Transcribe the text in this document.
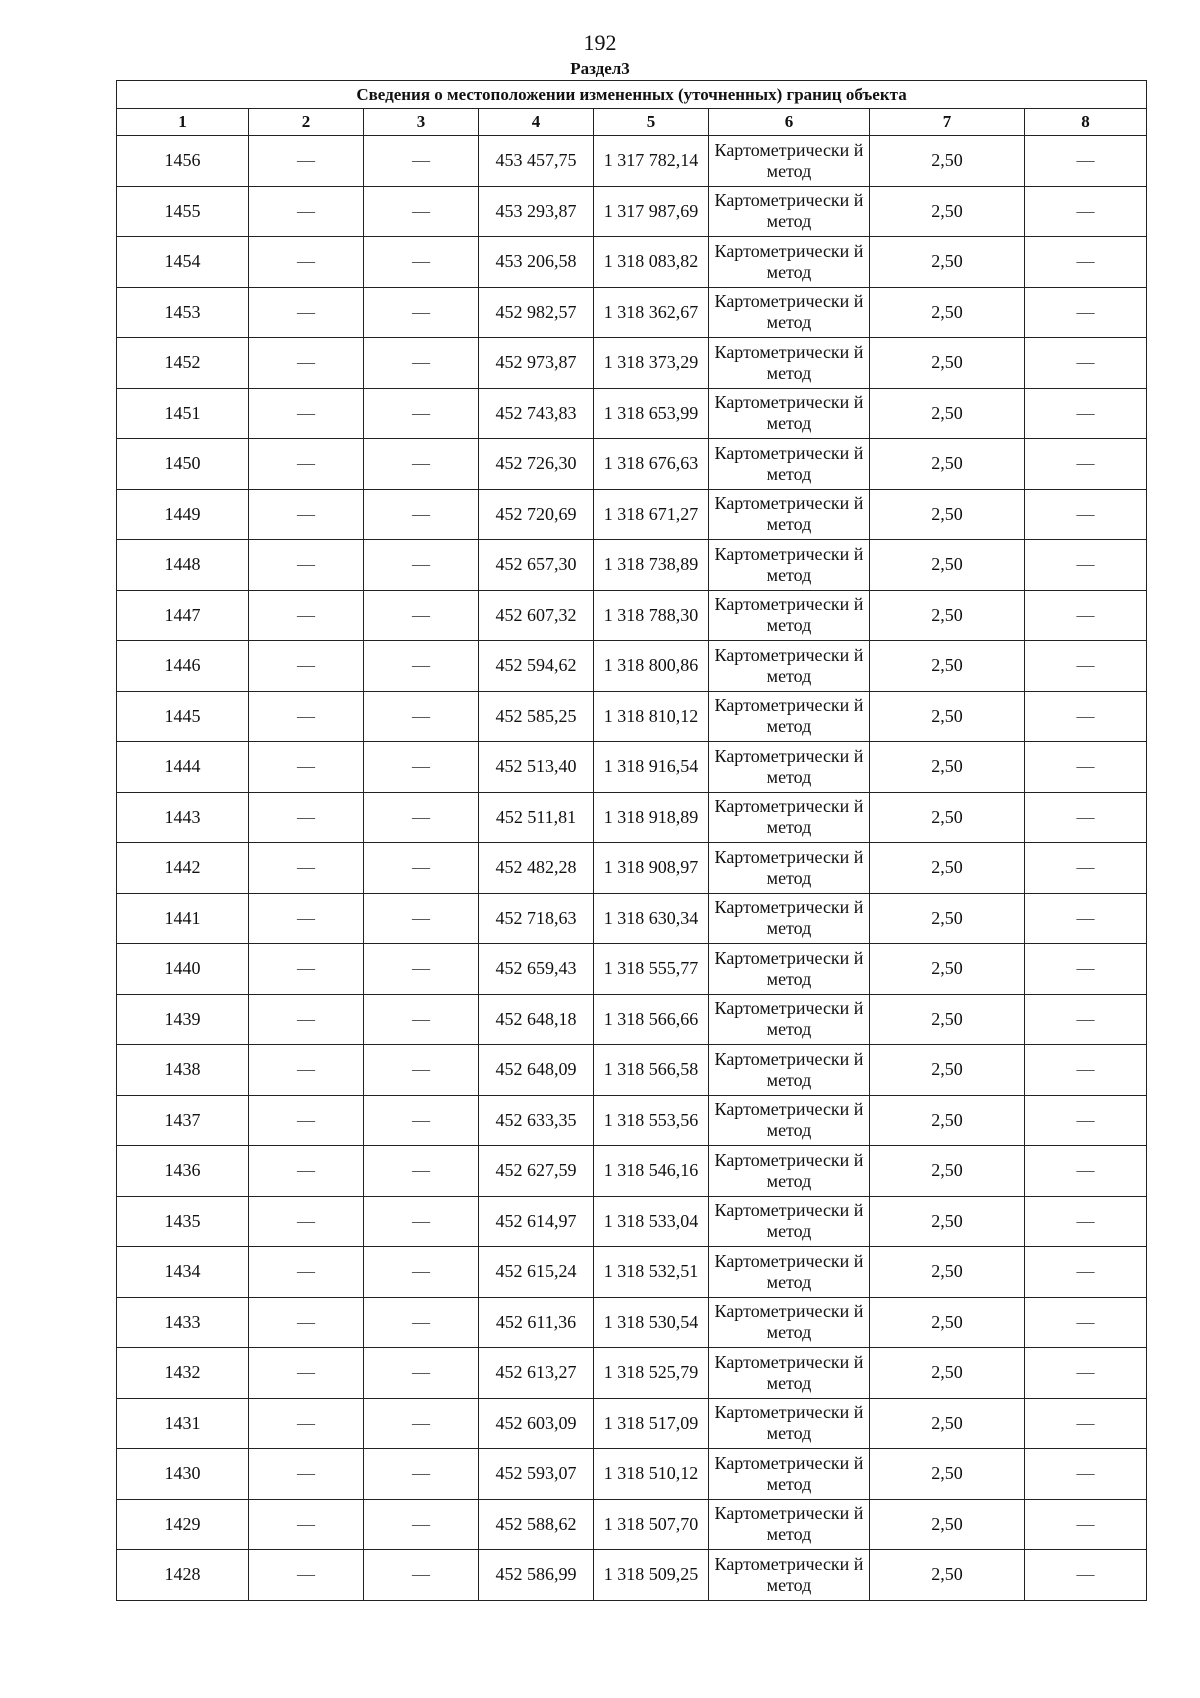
192
Раздел3
Сведения о местоположении измененных (уточненных) границ объекта							
1	2	3	4	5	6	7	8
1456	—	—	453 457,75	1 317 782,14	Картометрически й метод	2,50	—
1455	—	—	453 293,87	1 317 987,69	Картометрически й метод	2,50	—
1454	—	—	453 206,58	1 318 083,82	Картометрически й метод	2,50	—
1453	—	—	452 982,57	1 318 362,67	Картометрически й метод	2,50	—
1452	—	—	452 973,87	1 318 373,29	Картометрически й метод	2,50	—
1451	—	—	452 743,83	1 318 653,99	Картометрически й метод	2,50	—
1450	—	—	452 726,30	1 318 676,63	Картометрически й метод	2,50	—
1449	—	—	452 720,69	1 318 671,27	Картометрически й метод	2,50	—
1448	—	—	452 657,30	1 318 738,89	Картометрически й метод	2,50	—
1447	—	—	452 607,32	1 318 788,30	Картометрически й метод	2,50	—
1446	—	—	452 594,62	1 318 800,86	Картометрически й метод	2,50	—
1445	—	—	452 585,25	1 318 810,12	Картометрически й метод	2,50	—
1444	—	—	452 513,40	1 318 916,54	Картометрически й метод	2,50	—
1443	—	—	452 511,81	1 318 918,89	Картометрически й метод	2,50	—
1442	—	—	452 482,28	1 318 908,97	Картометрически й метод	2,50	—
1441	—	—	452 718,63	1 318 630,34	Картометрически й метод	2,50	—
1440	—	—	452 659,43	1 318 555,77	Картометрически й метод	2,50	—
1439	—	—	452 648,18	1 318 566,66	Картометрически й метод	2,50	—
1438	—	—	452 648,09	1 318 566,58	Картометрически й метод	2,50	—
1437	—	—	452 633,35	1 318 553,56	Картометрически й метод	2,50	—
1436	—	—	452 627,59	1 318 546,16	Картометрически й метод	2,50	—
1435	—	—	452 614,97	1 318 533,04	Картометрически й метод	2,50	—
1434	—	—	452 615,24	1 318 532,51	Картометрически й метод	2,50	—
1433	—	—	452 611,36	1 318 530,54	Картометрически й метод	2,50	—
1432	—	—	452 613,27	1 318 525,79	Картометрически й метод	2,50	—
1431	—	—	452 603,09	1 318 517,09	Картометрически й метод	2,50	—
1430	—	—	452 593,07	1 318 510,12	Картометрически й метод	2,50	—
1429	—	—	452 588,62	1 318 507,70	Картометрически й метод	2,50	—
1428	—	—	452 586,99	1 318 509,25	Картометрически й метод	2,50	—
